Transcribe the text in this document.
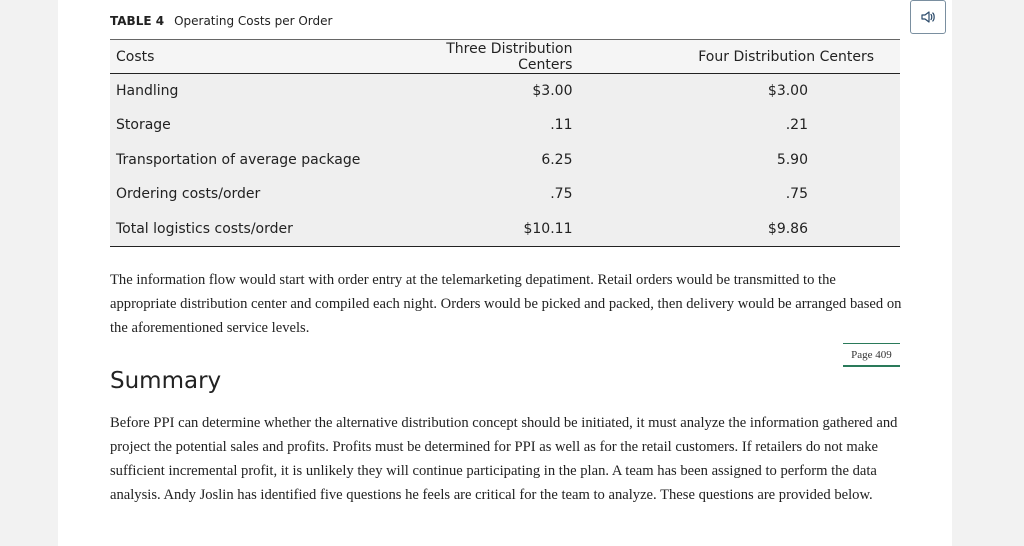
TABLE 4 Operating Costs per Order
Costs	Three Distribution Centers	Four Distribution Centers
Handling	$3.00	$3.00
Storage	.11	.21
Transportation of average package	6.25	5.90
Ordering costs/order	.75	.75
Total logistics costs/order	$10.11	$9.86

The information flow would start with order entry at the telemarketing depatiment. Retail orders would be transmitted to the appropriate distribution center and compiled each night. Orders would be picked and packed, then delivery would be arranged based on the aforementioned service levels.

Page 409
Summary

Before PPI can determine whether the alternative distribution concept should be initiated, it must analyze the information gathered and project the potential sales and profits. Profits must be determined for PPI as well as for the retail customers. If retailers do not make sufficient incremental profit, it is unlikely they will continue participating in the plan. A team has been assigned to perform the data analysis. Andy Joslin has identified five questions he feels are critical for the team to analyze. These questions are provided below.
